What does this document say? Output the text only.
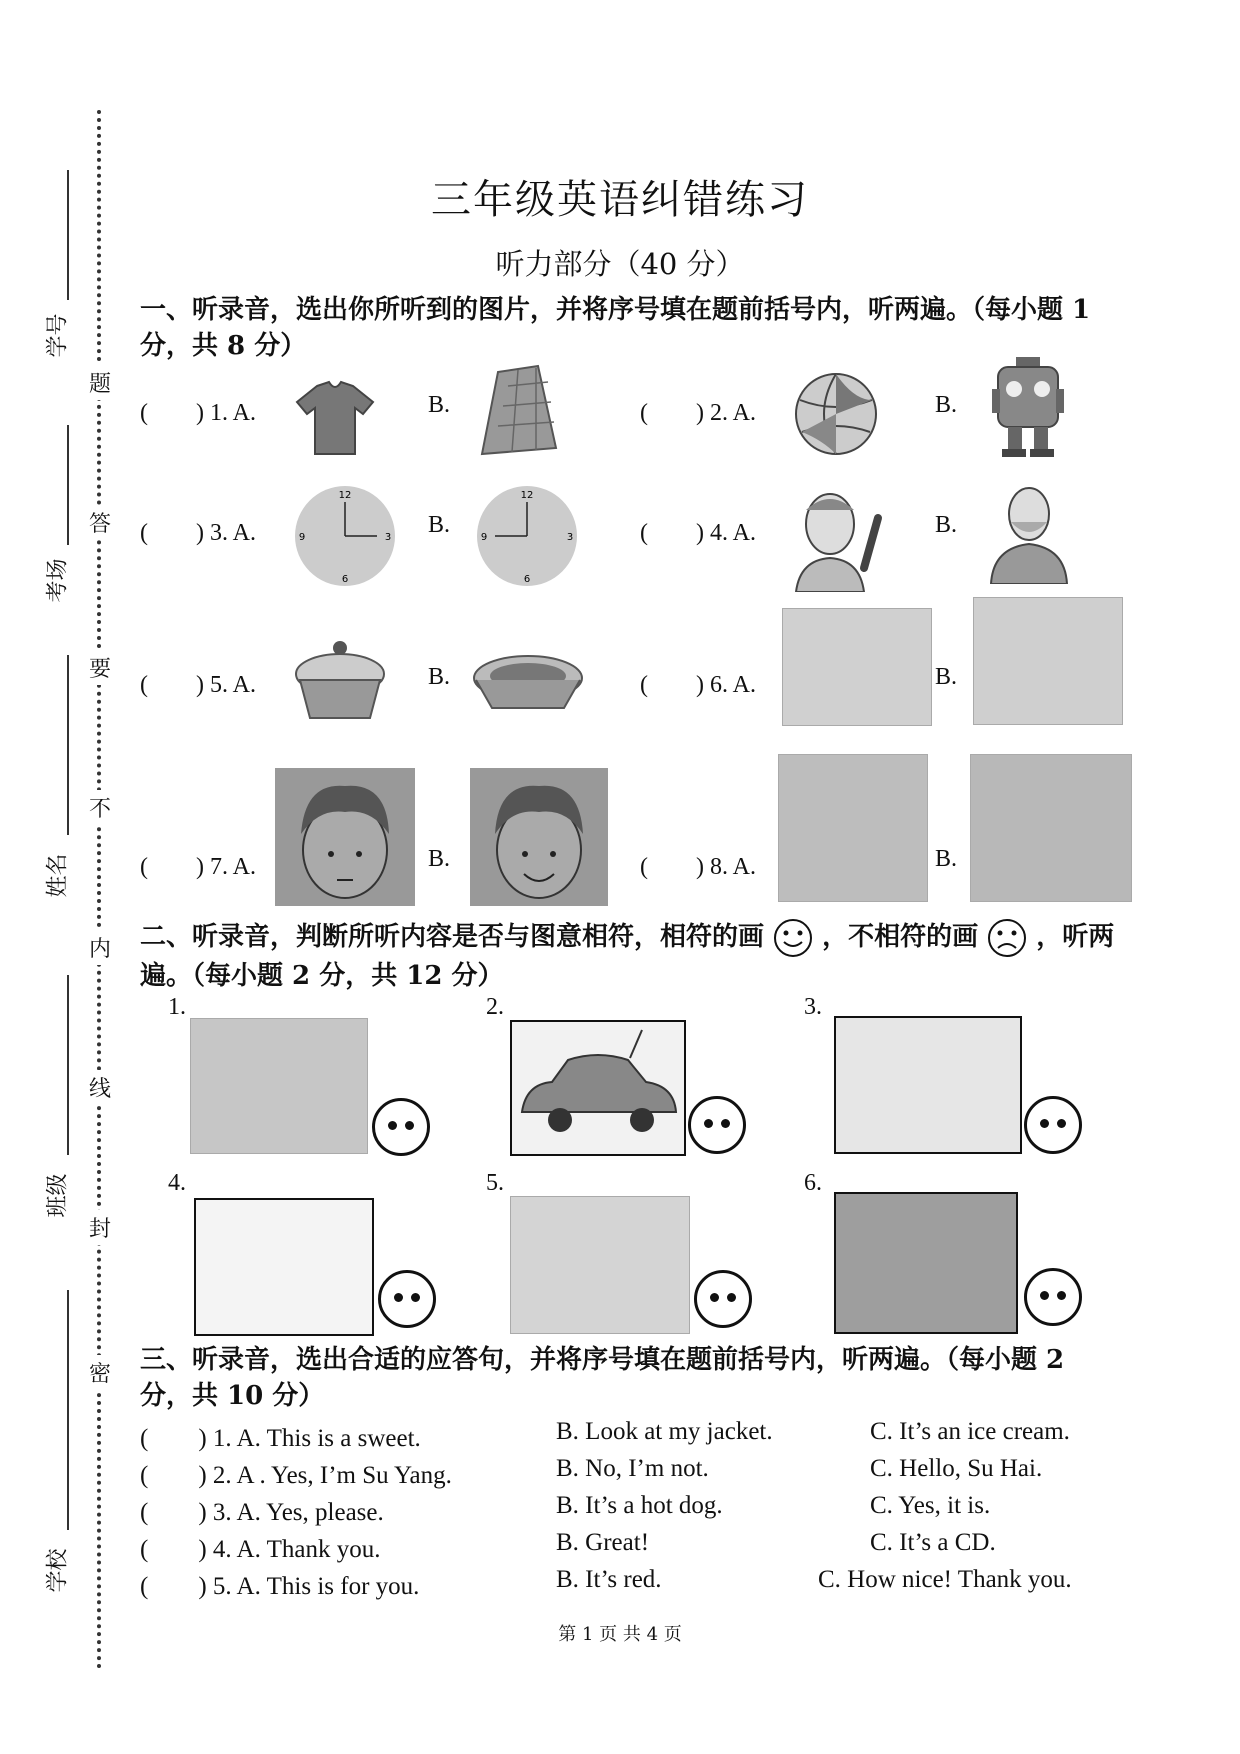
学号
考场
姓名
班级
学校
题
答
要
不
内
线
封
密
三年级英语纠错练习
听力部分（40 分）
一、听录音，选出你所听到的图片，并将序号填在题前括号内，听两遍。（每小题 1 分，共 8 分）
(　　) 1. A.	B.	(　　) 2. A.	B.
(　　) 3. A.
12
3
6
9	B.
12
3
6
9	(　　) 4. A.	B.
(　　) 5. A.	B.	(　　) 6. A.	B.
(　　) 7. A.	B.	(　　) 8. A.	B.
二、听录音，判断所听内容是否与图意相符，相符的画 ，不相符的画 ，听两遍。（每小题 2 分，共 12 分）
1.	2.	3.
4.	5.	6.
三、听录音，选出合适的应答句，并将序号填在题前括号内，听两遍。（每小题 2 分，共 10 分）
(　　) 1. A. This is a sweet.	B. Look at my jacket.	C. It’s an ice cream.
(　　) 2. A . Yes, I’m Su Yang.	B. No, I’m not.	C. Hello, Su Hai.
(　　) 3. A. Yes, please.	B. It’s a hot dog.	C. Yes, it is.
(　　) 4. A. Thank you.	B. Great!	C. It’s a CD.
(　　) 5. A. This is for you.	B. It’s red.	C. How nice! Thank you.
第 1 页 共 4 页
